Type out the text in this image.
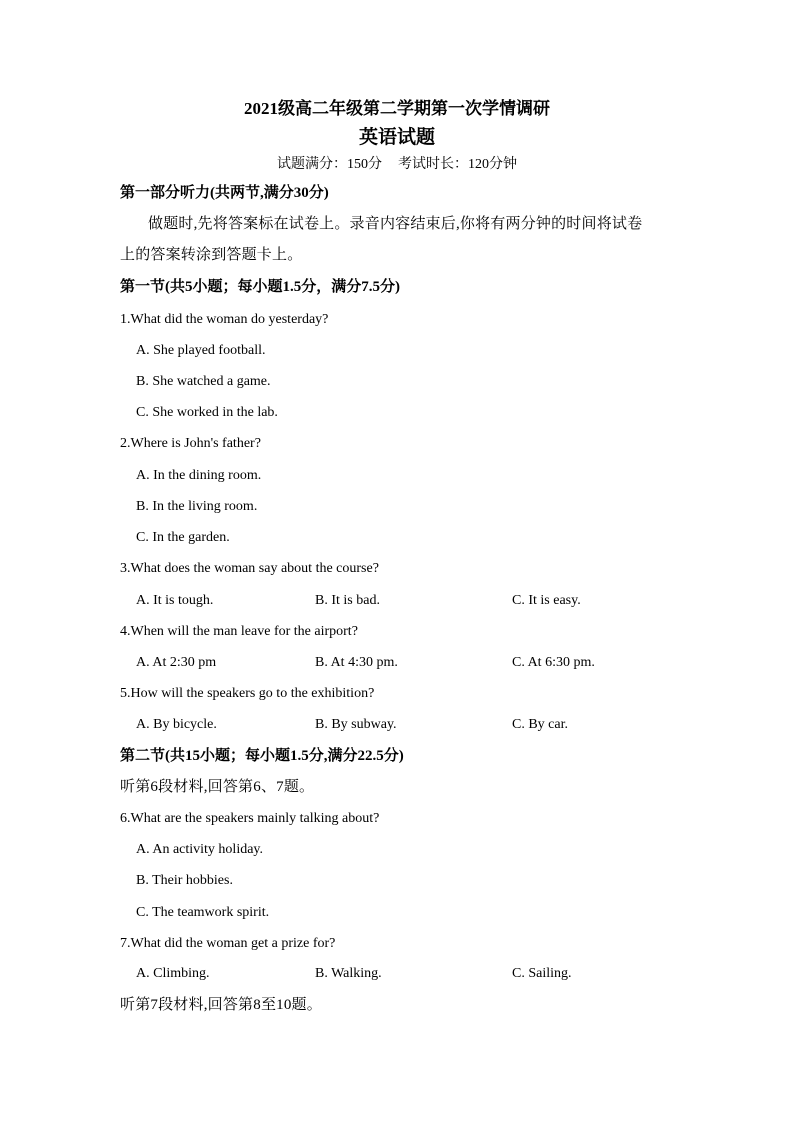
2021级高二年级第二学期第一次学情调研
英语试题
试题满分：150分 考试时长：120分钟
第一部分听力(共两节,满分30分)
做题时,先将答案标在试卷上。录音内容结束后,你将有两分钟的时间将试卷
上的答案转涂到答题卡上。
第一节(共5小题；每小题1.5分，满分7.5分)
1.What did the woman do yesterday?
A. She played football.
B. She watched a game.
C. She worked in the lab.
2.Where is John's father?
A. In the dining room.
B. In the living room.
C. In the garden.
3.What does the woman say about the course?
A. It is tough.	B. It is bad.	C. It is easy.
4.When will the man leave for the airport?
A. At 2:30 pm	B. At 4:30 pm.	C. At 6:30 pm.
5.How will the speakers go to the exhibition?
A. By bicycle.	B. By subway.	C. By car.
第二节(共15小题；每小题1.5分,满分22.5分)
听第6段材料,回答第6、7题。
6.What are the speakers mainly talking about?
A. An activity holiday.
B. Their hobbies.
C. The teamwork spirit.
7.What did the woman get a prize for?
A. Climbing.	B. Walking.	C. Sailing.
听第7段材料,回答第8至10题。
